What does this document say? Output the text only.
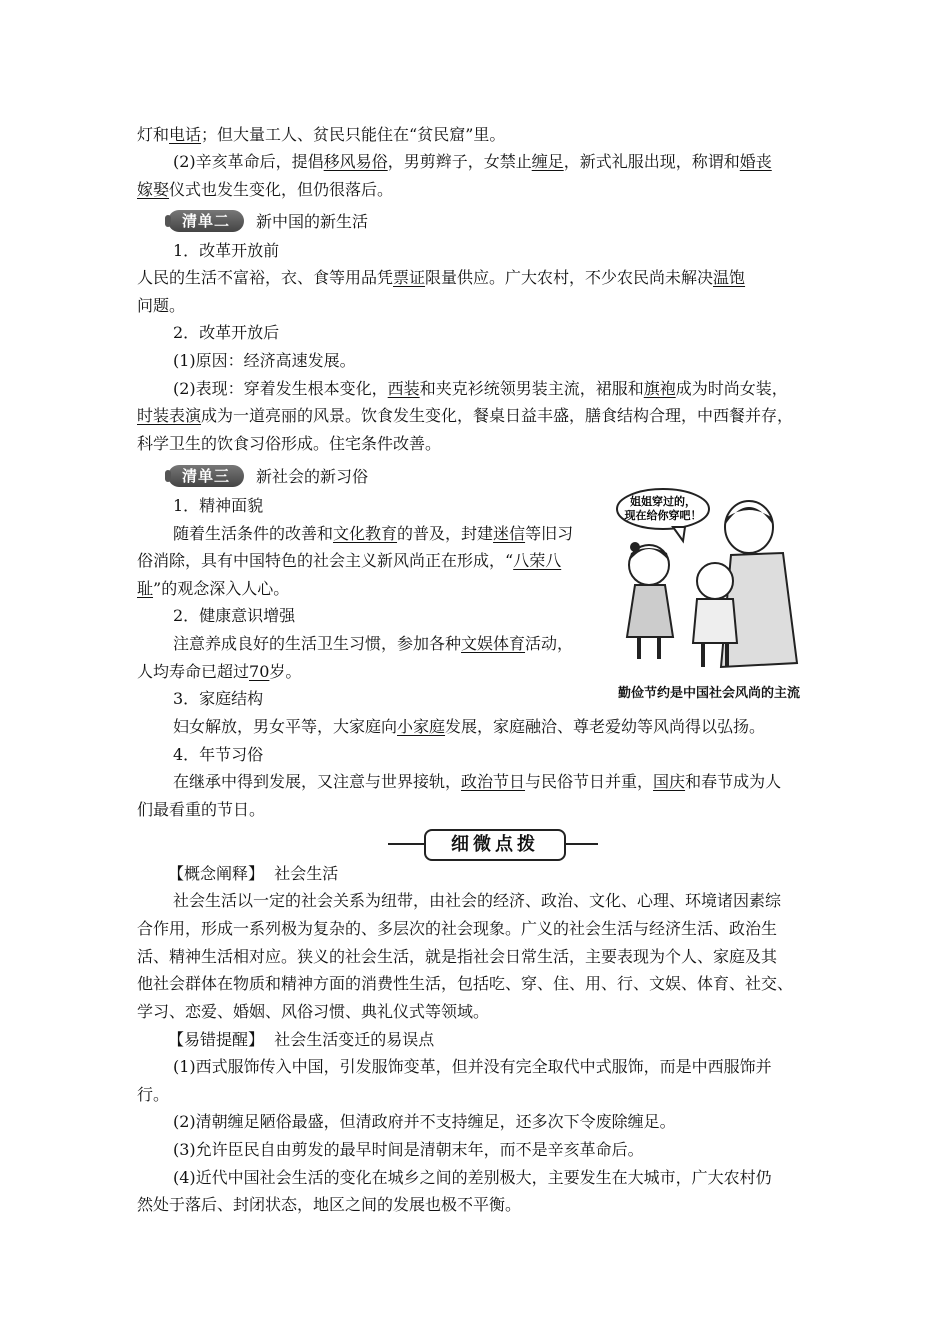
灯和电话；但大量工人、贫民只能住在“贫民窟”里。
(2)辛亥革命后，提倡移风易俗，男剪辫子，女禁止缠足，新式礼服出现，称谓和婚丧
嫁娶仪式也发生变化，但仍很落后。
清单二	新中国的新生活
1．改革开放前
人民的生活不富裕，衣、食等用品凭票证限量供应。广大农村，不少农民尚未解决温饱
问题。
2．改革开放后
(1)原因：经济高速发展。
(2)表现：穿着发生根本变化，西装和夹克衫统领男装主流，裙服和旗袍成为时尚女装，
时装表演成为一道亮丽的风景。饮食发生变化，餐桌日益丰盛，膳食结构合理，中西餐并存，
科学卫生的饮食习俗形成。住宅条件改善。
清单三	新社会的新习俗
1．精神面貌
随着生活条件的改善和文化教育的普及，封建迷信等旧习
俗消除，具有中国特色的社会主义新风尚正在形成，“八荣八
耻”的观念深入人心。
2．健康意识增强
注意养成良好的生活卫生习惯，参加各种文娱体育活动，
人均寿命已超过70岁。
3．家庭结构
妇女解放，男女平等，大家庭向小家庭发展，家庭融洽、尊老爱幼等风尚得以弘扬。
4．年节习俗
在继承中得到发展，又注意与世界接轨，政治节日与民俗节日并重，国庆和春节成为人
们最看重的节日。
姐姐穿过的，
现在给你穿吧！
勤俭节约是中国社会风尚的主流
细微点拨
【概念阐释】 社会生活
社会生活以一定的社会关系为纽带，由社会的经济、政治、文化、心理、环境诸因素综
合作用，形成一系列极为复杂的、多层次的社会现象。广义的社会生活与经济生活、政治生
活、精神生活相对应。狭义的社会生活，就是指社会日常生活，主要表现为个人、家庭及其
他社会群体在物质和精神方面的消费性生活，包括吃、穿、住、用、行、文娱、体育、社交、
学习、恋爱、婚姻、风俗习惯、典礼仪式等领域。
【易错提醒】 社会生活变迁的易误点
(1)西式服饰传入中国，引发服饰变革，但并没有完全取代中式服饰，而是中西服饰并
行。
(2)清朝缠足陋俗最盛，但清政府并不支持缠足，还多次下令废除缠足。
(3)允许臣民自由剪发的最早时间是清朝末年，而不是辛亥革命后。
(4)近代中国社会生活的变化在城乡之间的差别极大，主要发生在大城市，广大农村仍
然处于落后、封闭状态，地区之间的发展也极不平衡。
